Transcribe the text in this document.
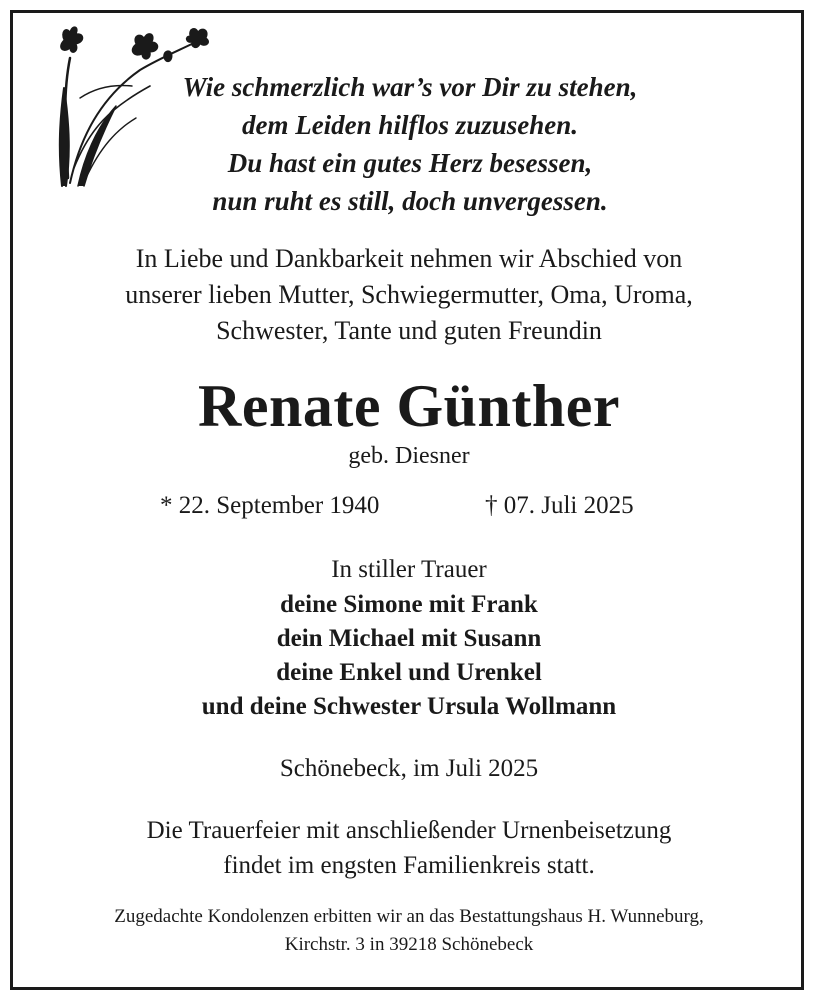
Wie schmerzlich war’s vor Dir zu stehen,
dem Leiden hilflos zuzusehen.
Du hast ein gutes Herz besessen,
nun ruht es still, doch unvergessen.
In Liebe und Dankbarkeit nehmen wir Abschied von
unserer lieben Mutter, Schwiegermutter, Oma, Uroma,
Schwester, Tante und guten Freundin
Renate Günther
geb. Diesner
* 22. September 1940	† 07. Juli 2025
In stiller Trauer
deine Simone mit Frank
dein Michael mit Susann
deine Enkel und Urenkel
und deine Schwester Ursula Wollmann
Schönebeck, im Juli 2025
Die Trauerfeier mit anschließender Urnenbeisetzung
findet im engsten Familienkreis statt.
Zugedachte Kondolenzen erbitten wir an das Bestattungshaus H. Wunneburg,
Kirchstr. 3 in 39218 Schönebeck
